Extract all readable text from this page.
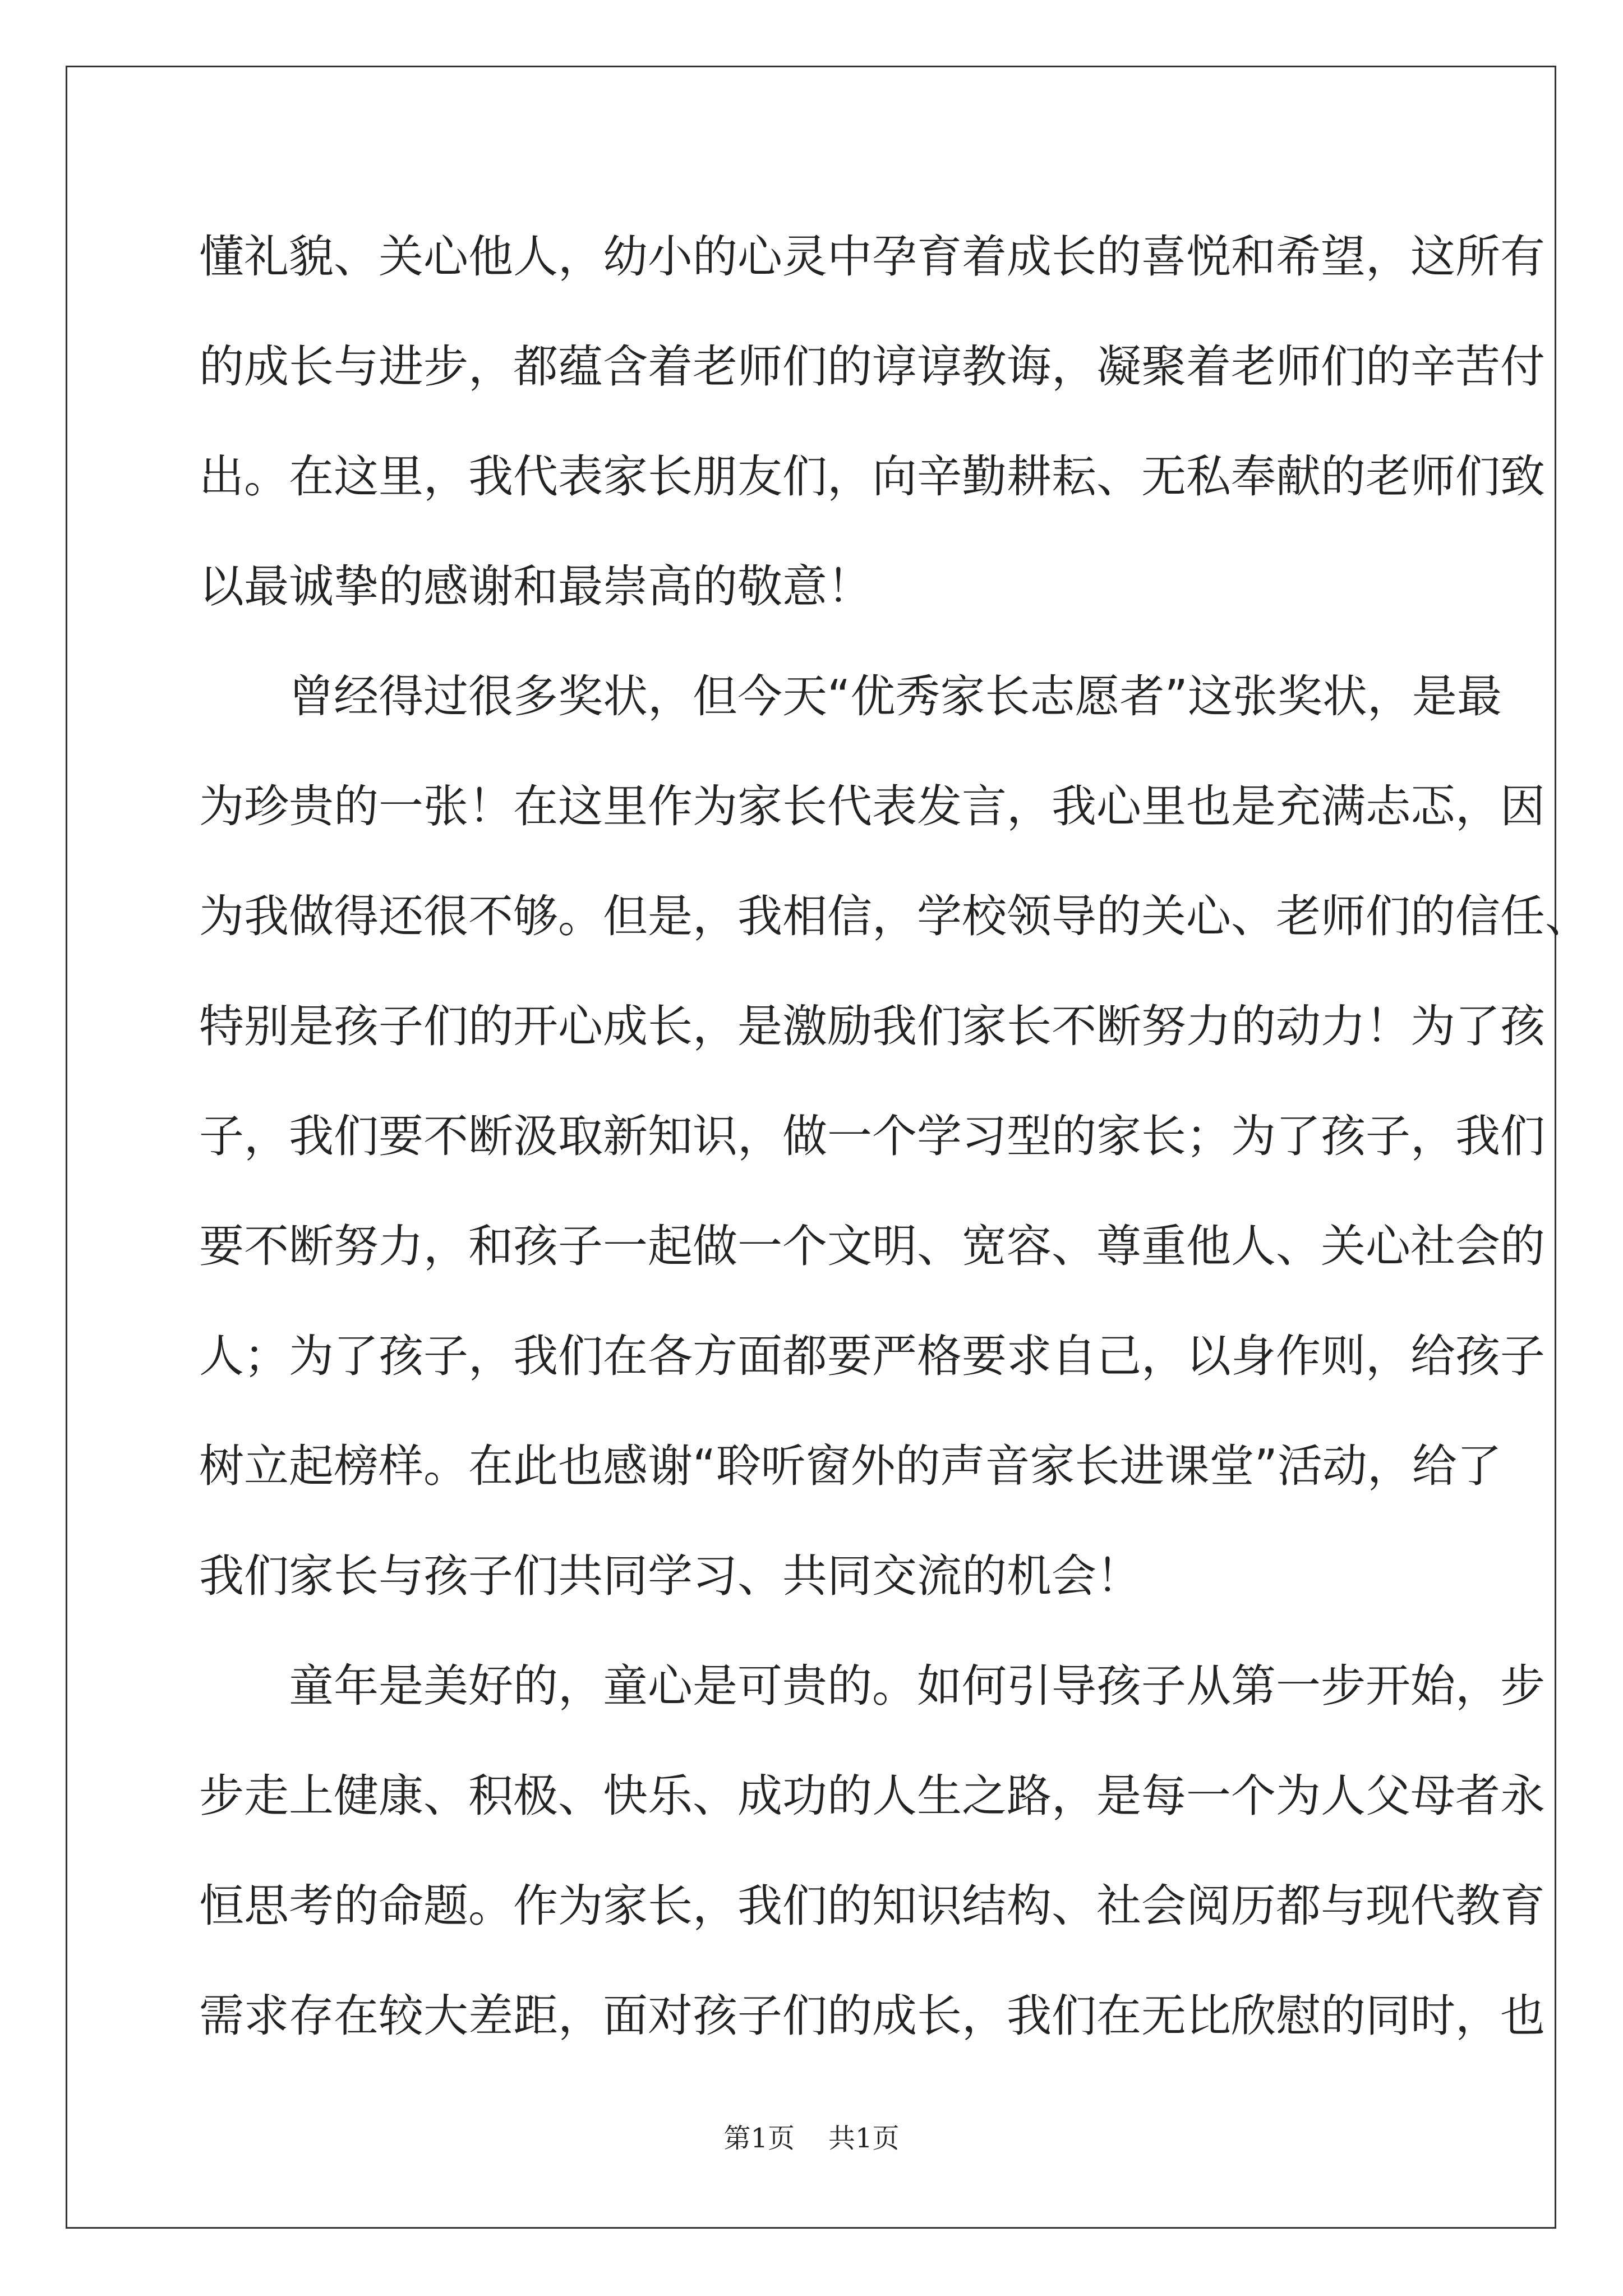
懂礼貌、关心他人，幼小的心灵中孕育着成长的喜悦和希望，这所有
的成长与进步，都蕴含着老师们的谆谆教诲，凝聚着老师们的辛苦付
出。在这里，我代表家长朋友们，向辛勤耕耘、无私奉献的老师们致
以最诚挚的感谢和最崇高的敬意！
　　曾经得过很多奖状，但今天“优秀家长志愿者”这张奖状，是最
为珍贵的一张！在这里作为家长代表发言，我心里也是充满忐忑，因
为我做得还很不够。但是，我相信，学校领导的关心、老师们的信任、
特别是孩子们的开心成长，是激励我们家长不断努力的动力！为了孩
子，我们要不断汲取新知识，做一个学习型的家长；为了孩子，我们
要不断努力，和孩子一起做一个文明、宽容、尊重他人、关心社会的
人；为了孩子，我们在各方面都要严格要求自己，以身作则，给孩子
树立起榜样。在此也感谢“聆听窗外的声音家长进课堂”活动，给了
我们家长与孩子们共同学习、共同交流的机会！
　　童年是美好的，童心是可贵的。如何引导孩子从第一步开始，步
步走上健康、积极、快乐、成功的人生之路，是每一个为人父母者永
恒思考的命题。作为家长，我们的知识结构、社会阅历都与现代教育
需求存在较大差距，面对孩子们的成长，我们在无比欣慰的同时，也
第1页 共1页
